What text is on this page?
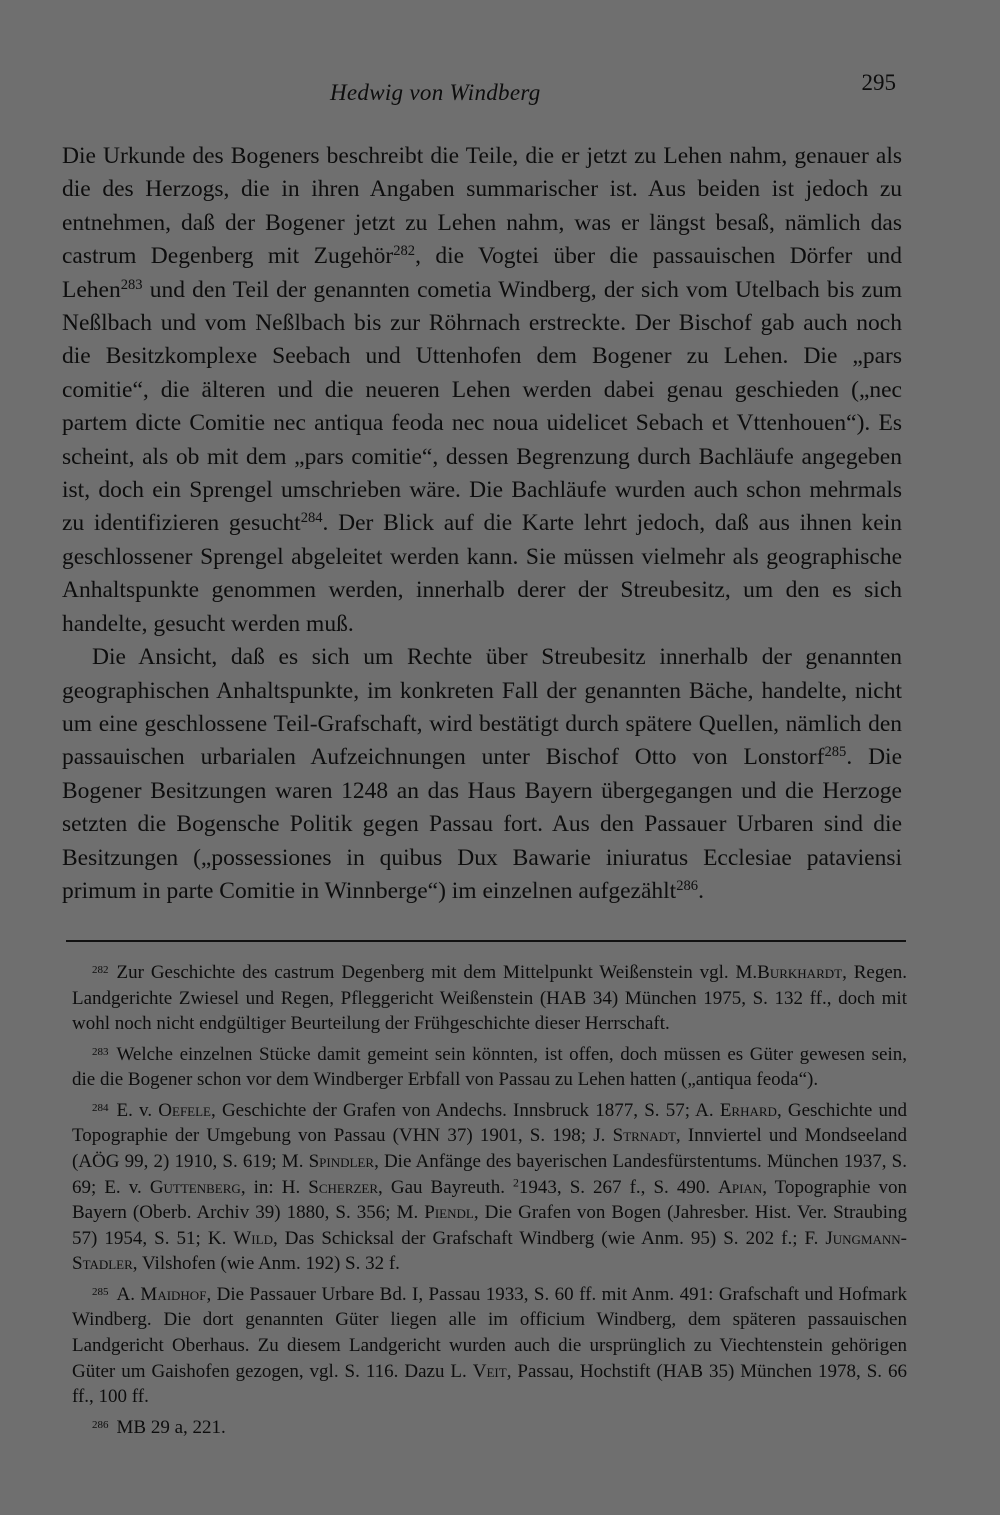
Hedwig von Windberg	295

Die Urkunde des Bogeners beschreibt die Teile, die er jetzt zu Lehen nahm, genauer als die des Herzogs, die in ihren Angaben summarischer ist. Aus beiden ist jedoch zu entnehmen, daß der Bogener jetzt zu Lehen nahm, was er längst besaß, nämlich das castrum Degenberg mit Zugehör$^{282}$, die Vogtei über die passauischen Dörfer und Lehen$^{283}$ und den Teil der genannten cometia Windberg, der sich vom Utelbach bis zum Neßlbach und vom Neßlbach bis zur Röhrnach erstreckte. Der Bischof gab auch noch die Besitzkomplexe Seebach und Uttenhofen dem Bogener zu Lehen. Die „pars comitie“, die älteren und die neueren Lehen werden dabei genau geschieden („nec partem dicte Comitie nec antiqua feoda nec noua uidelicet Sebach et Vttenhouen“). Es scheint, als ob mit dem „pars comitie“, dessen Begrenzung durch Bachläufe angegeben ist, doch ein Sprengel umschrieben wäre. Die Bachläufe wurden auch schon mehrmals zu identifizieren gesucht$^{284}$. Der Blick auf die Karte lehrt jedoch, daß aus ihnen kein geschlossener Sprengel abgeleitet werden kann. Sie müssen vielmehr als geographische Anhaltspunkte genommen werden, innerhalb derer der Streubesitz, um den es sich handelte, gesucht werden muß.

Die Ansicht, daß es sich um Rechte über Streubesitz innerhalb der genannten geographischen Anhaltspunkte, im konkreten Fall der genannten Bäche, handelte, nicht um eine geschlossene Teil-Grafschaft, wird bestätigt durch spätere Quellen, nämlich den passauischen urbarialen Aufzeichnungen unter Bischof Otto von Lonstorf$^{285}$. Die Bogener Besitzungen waren 1248 an das Haus Bayern übergegangen und die Herzoge setzten die Bogensche Politik gegen Passau fort. Aus den Passauer Urbaren sind die Besitzungen („possessiones in quibus Dux Bawarie iniuratus Ecclesiae pataviensi primum in parte Comitie in Winnberge“) im einzelnen aufgezählt$^{286}$.

282 Zur Geschichte des castrum Degenberg mit dem Mittelpunkt Weißenstein vgl. M.Burkhardt, Regen. Landgerichte Zwiesel und Regen, Pfleggericht Weißenstein (HAB 34) München 1975, S. 132 ff., doch mit wohl noch nicht endgültiger Beurteilung der Frühgeschichte dieser Herrschaft.

283 Welche einzelnen Stücke damit gemeint sein könnten, ist offen, doch müssen es Güter gewesen sein, die die Bogener schon vor dem Windberger Erbfall von Passau zu Lehen hatten („antiqua feoda“).

284 E. v. Oefele, Geschichte der Grafen von Andechs. Innsbruck 1877, S. 57; A. Erhard, Geschichte und Topographie der Umgebung von Passau (VHN 37) 1901, S. 198; J. Strnadt, Innviertel und Mondseeland (AÖG 99, 2) 1910, S. 619; M. Spindler, Die Anfänge des bayerischen Landesfürstentums. München 1937, S. 69; E. v. Guttenberg, in: H. Scherzer, Gau Bayreuth. $^2$1943, S. 267 f., S. 490. Apian, Topographie von Bayern (Oberb. Archiv 39) 1880, S. 356; M. Piendl, Die Grafen von Bogen (Jahresber. Hist. Ver. Straubing 57) 1954, S. 51; K. Wild, Das Schicksal der Grafschaft Windberg (wie Anm. 95) S. 202 f.; F. Jungmann-Stadler, Vilshofen (wie Anm. 192) S. 32 f.

285 A. Maidhof, Die Passauer Urbare Bd. I, Passau 1933, S. 60 ff. mit Anm. 491: Grafschaft und Hofmark Windberg. Die dort genannten Güter liegen alle im officium Windberg, dem späteren passauischen Landgericht Oberhaus. Zu diesem Landgericht wurden auch die ursprünglich zu Viechtenstein gehörigen Güter um Gaishofen gezogen, vgl. S. 116. Dazu L. Veit, Passau, Hochstift (HAB 35) München 1978, S. 66 ff., 100 ff.

286 MB 29 a, 221.
